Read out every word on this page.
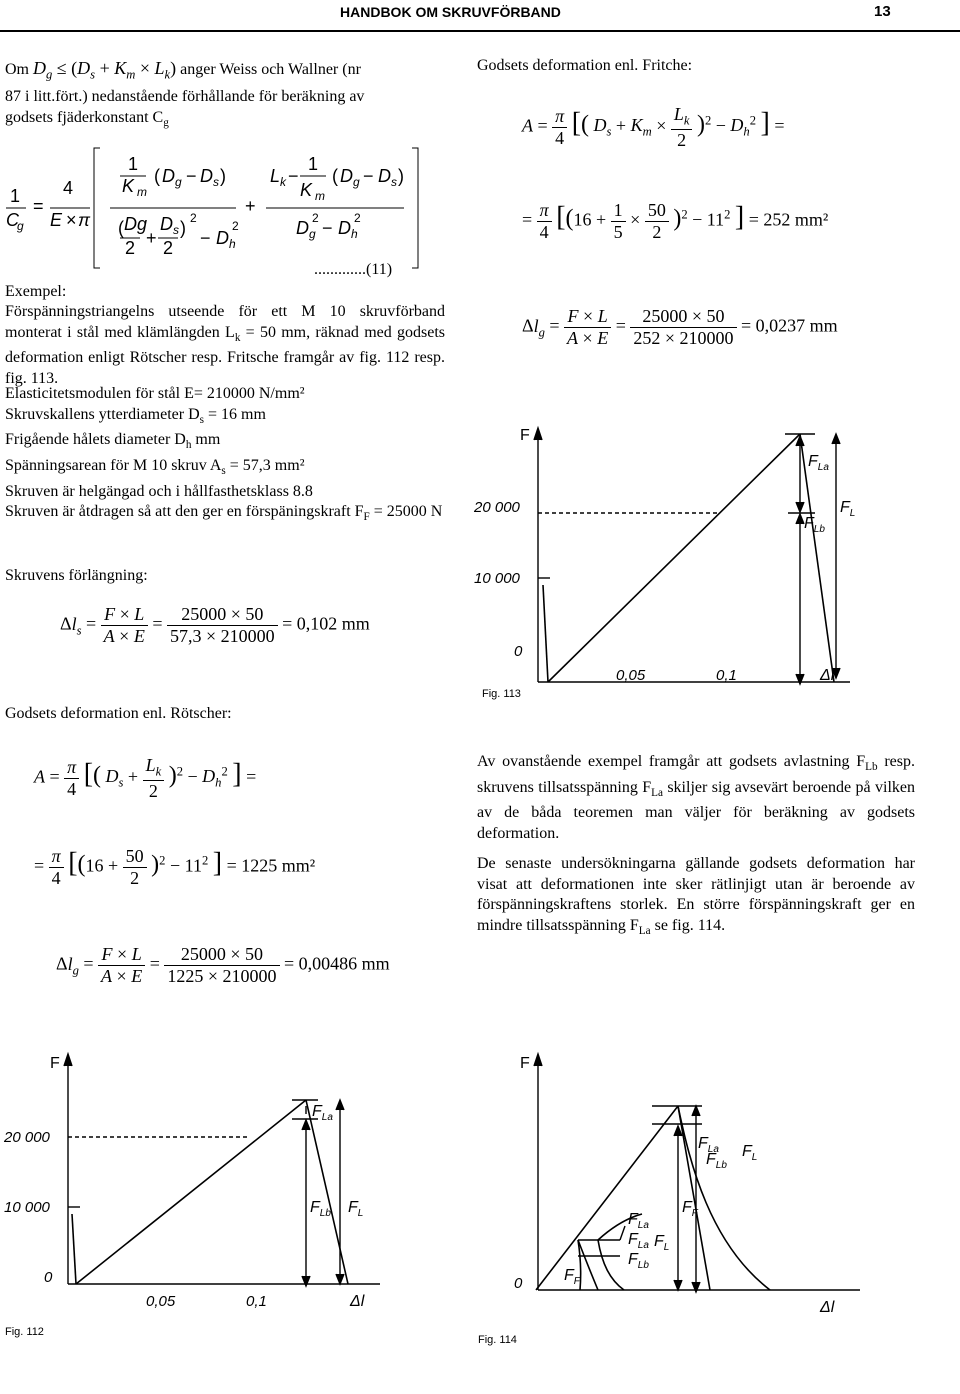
HANDBOK OM SKRUVFÖRBAND	13
Om $D_g \le (D_s + K_m \times L_k)$ anger Weiss och Wallner (nr
87 i litt.fört.) nedanstående förhållande för beräkning av
godsets fjäderkonstant $C_g$
1
C
g
=
4
E × π
1
K m
( D g − D s )
( Dg
2 +
D s
2
) 2
− D h
2
+
L k −
1
K m
( D g − D s )
D g
2 − D h
2
.............(11)
Exempel:
Förspänningstriangelns utseende för ett M 10 skruvförband monterat i stål med klämlängden $L_k = 50$ mm, räknad med godsets deformation enligt Rötscher resp. Fritsche framgår av fig. 112 resp. fig. 113.
Elasticitetsmodulen för stål E= 210000 N/mm²
Skruvskallens ytterdiameter $D_s = 16$ mm
Frigående hålets diameter $D_h$ mm
Spänningsarean för M 10 skruv $A_s = 57,3$ mm²
Skruven är helgängad och i hållfasthetsklass 8.8
Skruven är åtdragen så att den ger en förspäningskraft $F_F = 25000$ N
Skruvens förlängning:
$\Delta l_s = \frac{F \times L}{A \times E} = \frac{25000 \times 50}{57,3 \times 210000} = 0,102$ mm
Godsets deformation enl. Rötscher:
$A = \frac{\pi}{4}$ [( $D_s + \frac{L_k}{2} )^2 - D_h^2$ ] =
= $\frac{\pi}{4} [(16 + \frac{50}{2} )^2 - 11^2$ ] = 1225 mm²
$\Delta l_g = \frac{F \times L}{A \times E} = \frac{25000 \times 50}{1225 \times 210000} = 0,00486$ mm
Godsets deformation enl. Fritche:
$A = \frac{\pi}{4}$ [( $D_s + K_m \times \frac{L_k}{2} )^2 - D_h^2$ ] =
= $\frac{\pi}{4} [(16 + \frac{1}{5} \times \frac{50}{2} )^2 - 11^2$ ] = 252 mm²
$\Delta l_g = \frac{F \times L}{A \times E} = \frac{25000 \times 50}{252 \times 210000} = 0,0237$ mm
F
20 000
10 000
0
0,05	0,1	Δl
$F_{La}$
$F_{Lb}$
$F_L$
Fig. 113
Av ovanstående exempel framgår att godsets avlastning $F_{Lb}$ resp. skruvens tillsatsspänning $F_{La}$ skiljer sig avsevärt beroende på vilken av de båda teoremen man väljer för beräkning av godsets deformation.
De senaste undersökningarna gällande godsets deformation har visat att deformationen inte sker rätlinjigt utan är beroende av förspänningskraftens storlek. En större förspänningskraft ger en mindre tillsatsspänning $F_{La}$ se fig. 114.
F
20 000
10 000
0
0,05	0,1	Δl
$F_{La}$
$F_{Lb}$ $F_L$
Fig. 112
F
0
Δl
$F_{La}$
$F_{Lb}$
$F_L$
$F_F$
$F_{La}$
$F_{La}$ $F_L$
$F_{Lb}$
$F_F$
Fig. 114
